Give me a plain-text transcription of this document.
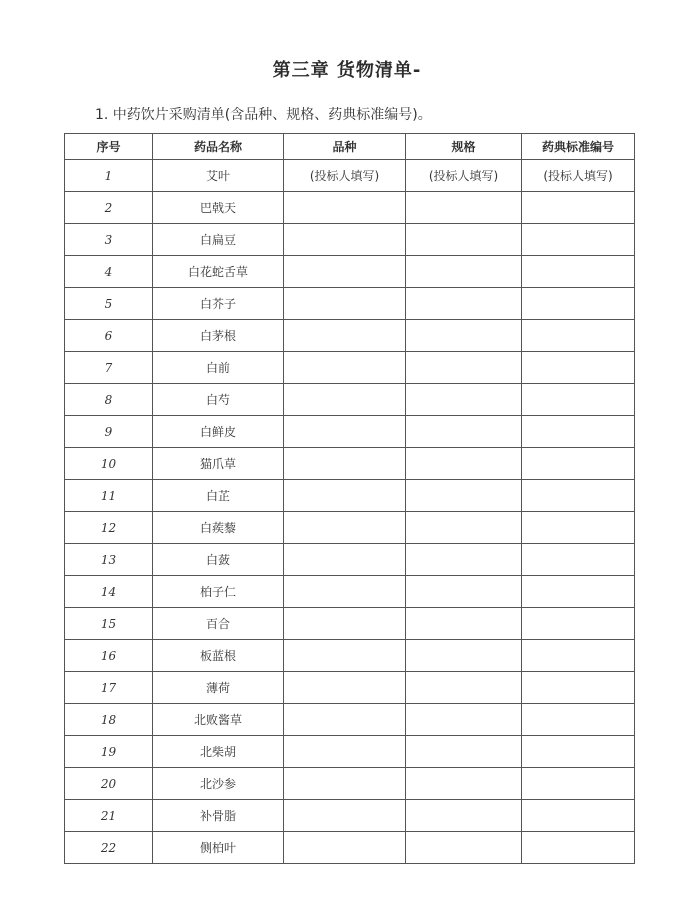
第三章 货物清单-
1. 中药饮片采购清单(含品种、规格、药典标准编号)。
序号	药品名称	品种	规格	药典标准编号
1	艾叶	(投标人填写)	(投标人填写)	(投标人填写)
2	巴戟天			
3	白扁豆			
4	白花蛇舌草			
5	白芥子			
6	白茅根			
7	白前			
8	白芍			
9	白鲜皮			
10	猫爪草			
11	白芷			
12	白蒺藜			
13	白蔹			
14	柏子仁			
15	百合			
16	板蓝根			
17	薄荷			
18	北败酱草			
19	北柴胡			
20	北沙参			
21	补骨脂			
22	侧柏叶			
